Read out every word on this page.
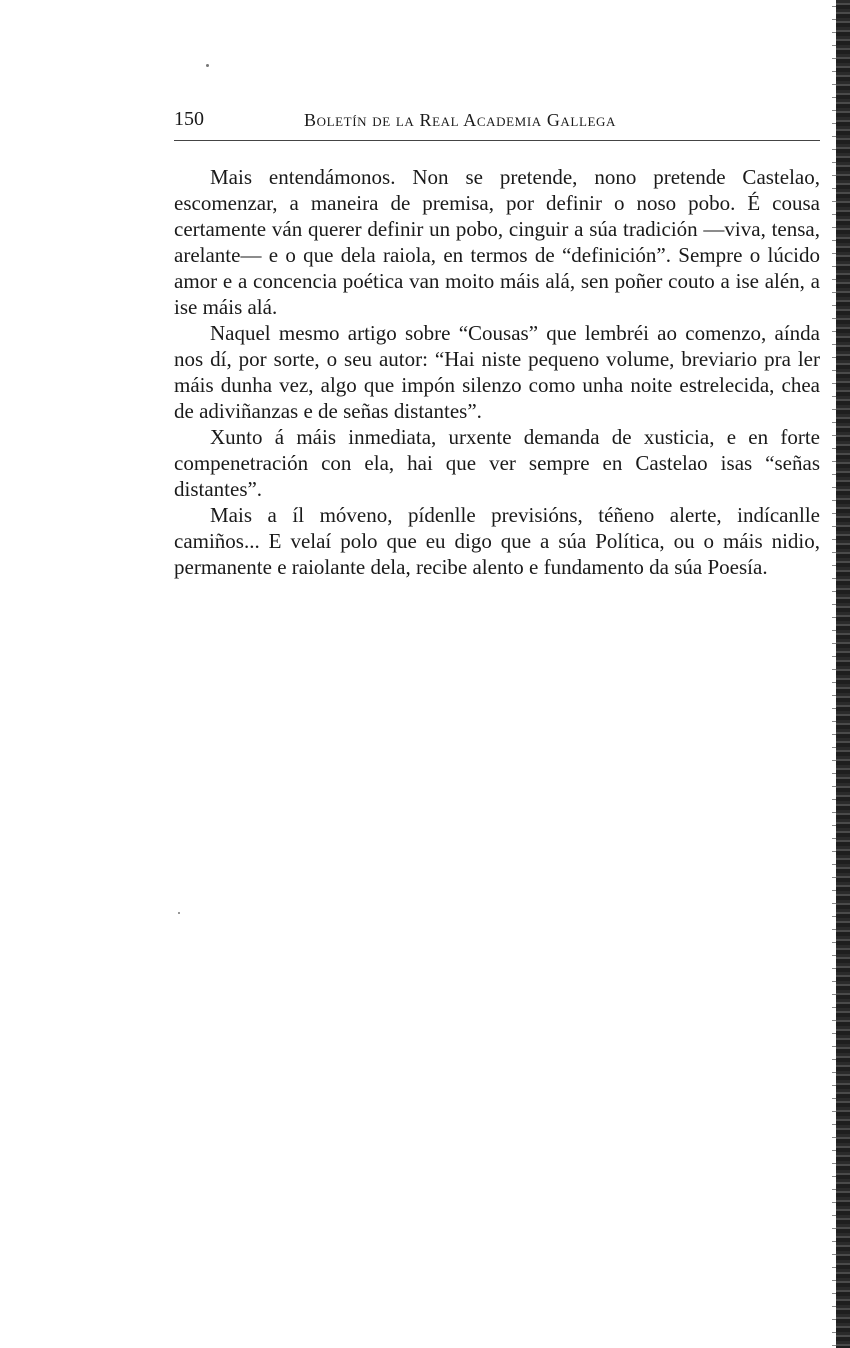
150	Boletín de la Real Academia Gallega

Mais entendámonos. Non se pretende, nono pretende Castelao, escomenzar, a maneira de premisa, por definir o noso pobo. É cousa certamente ván querer definir un pobo, cinguir a súa tradición —viva, tensa, arelante— e o que dela raiola, en termos de “definición”. Sempre o lúcido amor e a concencia poética van moito máis alá, sen poñer couto a ise alén, a ise máis alá.

Naquel mesmo artigo sobre “Cousas” que lembréi ao comenzo, aínda nos dí, por sorte, o seu autor: “Hai niste pequeno volume, breviario pra ler máis dunha vez, algo que impón silenzo como unha noite estrelecida, chea de adiviñanzas e de señas distantes”.

Xunto á máis inmediata, urxente demanda de xusticia, e en forte compenetración con ela, hai que ver sempre en Castelao isas “señas distantes”.

Mais a íl móveno, pídenlle previsións, téñeno alerte, indícanlle camiños... E velaí polo que eu digo que a súa Política, ou o máis nidio, permanente e raiolante dela, recibe alento e fundamento da súa Poesía.
